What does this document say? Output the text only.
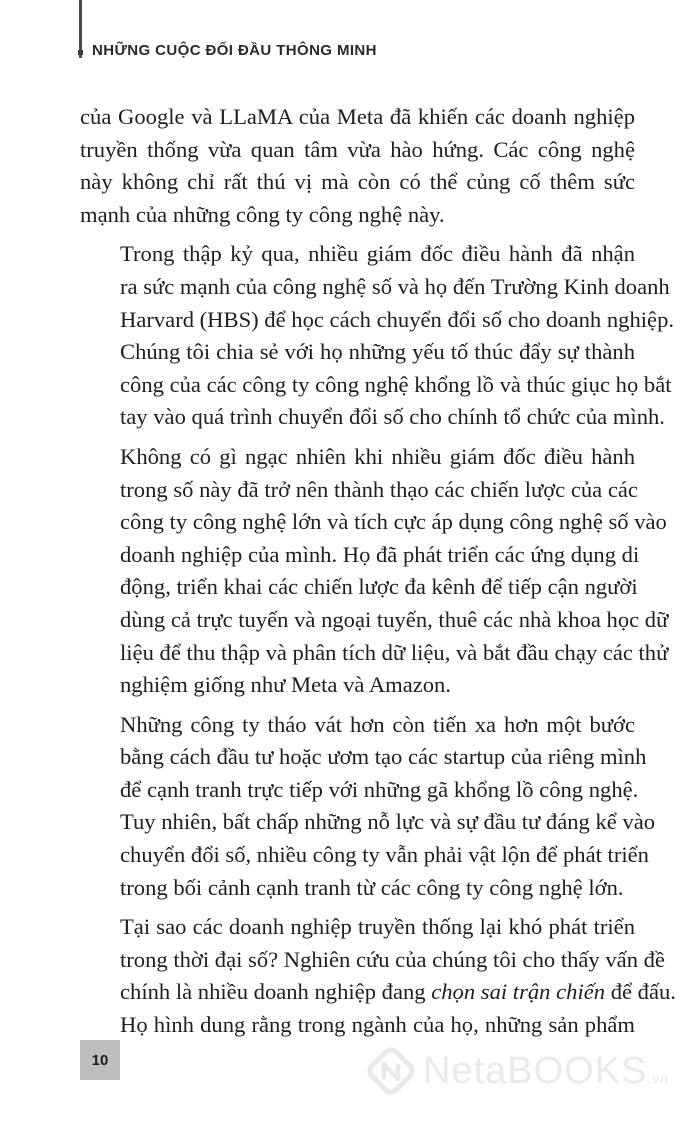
NHỮNG CUỘC ĐỐI ĐẦU THÔNG MINH

của Google và LLaMA của Meta đã khiến các doanh nghiệp
truyền thống vừa quan tâm vừa hào hứng. Các công nghệ
này không chỉ rất thú vị mà còn có thể củng cố thêm sức
mạnh của những công ty công nghệ này.

Trong thập kỷ qua, nhiều giám đốc điều hành đã nhận
ra sức mạnh của công nghệ số và họ đến Trường Kinh doanh
Harvard (HBS) để học cách chuyển đổi số cho doanh nghiệp.
Chúng tôi chia sẻ với họ những yếu tố thúc đẩy sự thành
công của các công ty công nghệ khổng lồ và thúc giục họ bắt
tay vào quá trình chuyển đổi số cho chính tổ chức của mình.

Không có gì ngạc nhiên khi nhiều giám đốc điều hành
trong số này đã trở nên thành thạo các chiến lược của các
công ty công nghệ lớn và tích cực áp dụng công nghệ số vào
doanh nghiệp của mình. Họ đã phát triển các ứng dụng di
động, triển khai các chiến lược đa kênh để tiếp cận người
dùng cả trực tuyến và ngoại tuyến, thuê các nhà khoa học dữ
liệu để thu thập và phân tích dữ liệu, và bắt đầu chạy các thử
nghiệm giống như Meta và Amazon.

Những công ty tháo vát hơn còn tiến xa hơn một bước
bằng cách đầu tư hoặc ươm tạo các startup của riêng mình
để cạnh tranh trực tiếp với những gã khổng lồ công nghệ.
Tuy nhiên, bất chấp những nỗ lực và sự đầu tư đáng kể vào
chuyển đổi số, nhiều công ty vẫn phải vật lộn để phát triển
trong bối cảnh cạnh tranh từ các công ty công nghệ lớn.

Tại sao các doanh nghiệp truyền thống lại khó phát triển
trong thời đại số? Nghiên cứu của chúng tôi cho thấy vấn đề
chính là nhiều doanh nghiệp đang chọn sai trận chiến để đấu.
Họ hình dung rằng trong ngành của họ, những sản phẩm

10	NetaBOOKS.vn
